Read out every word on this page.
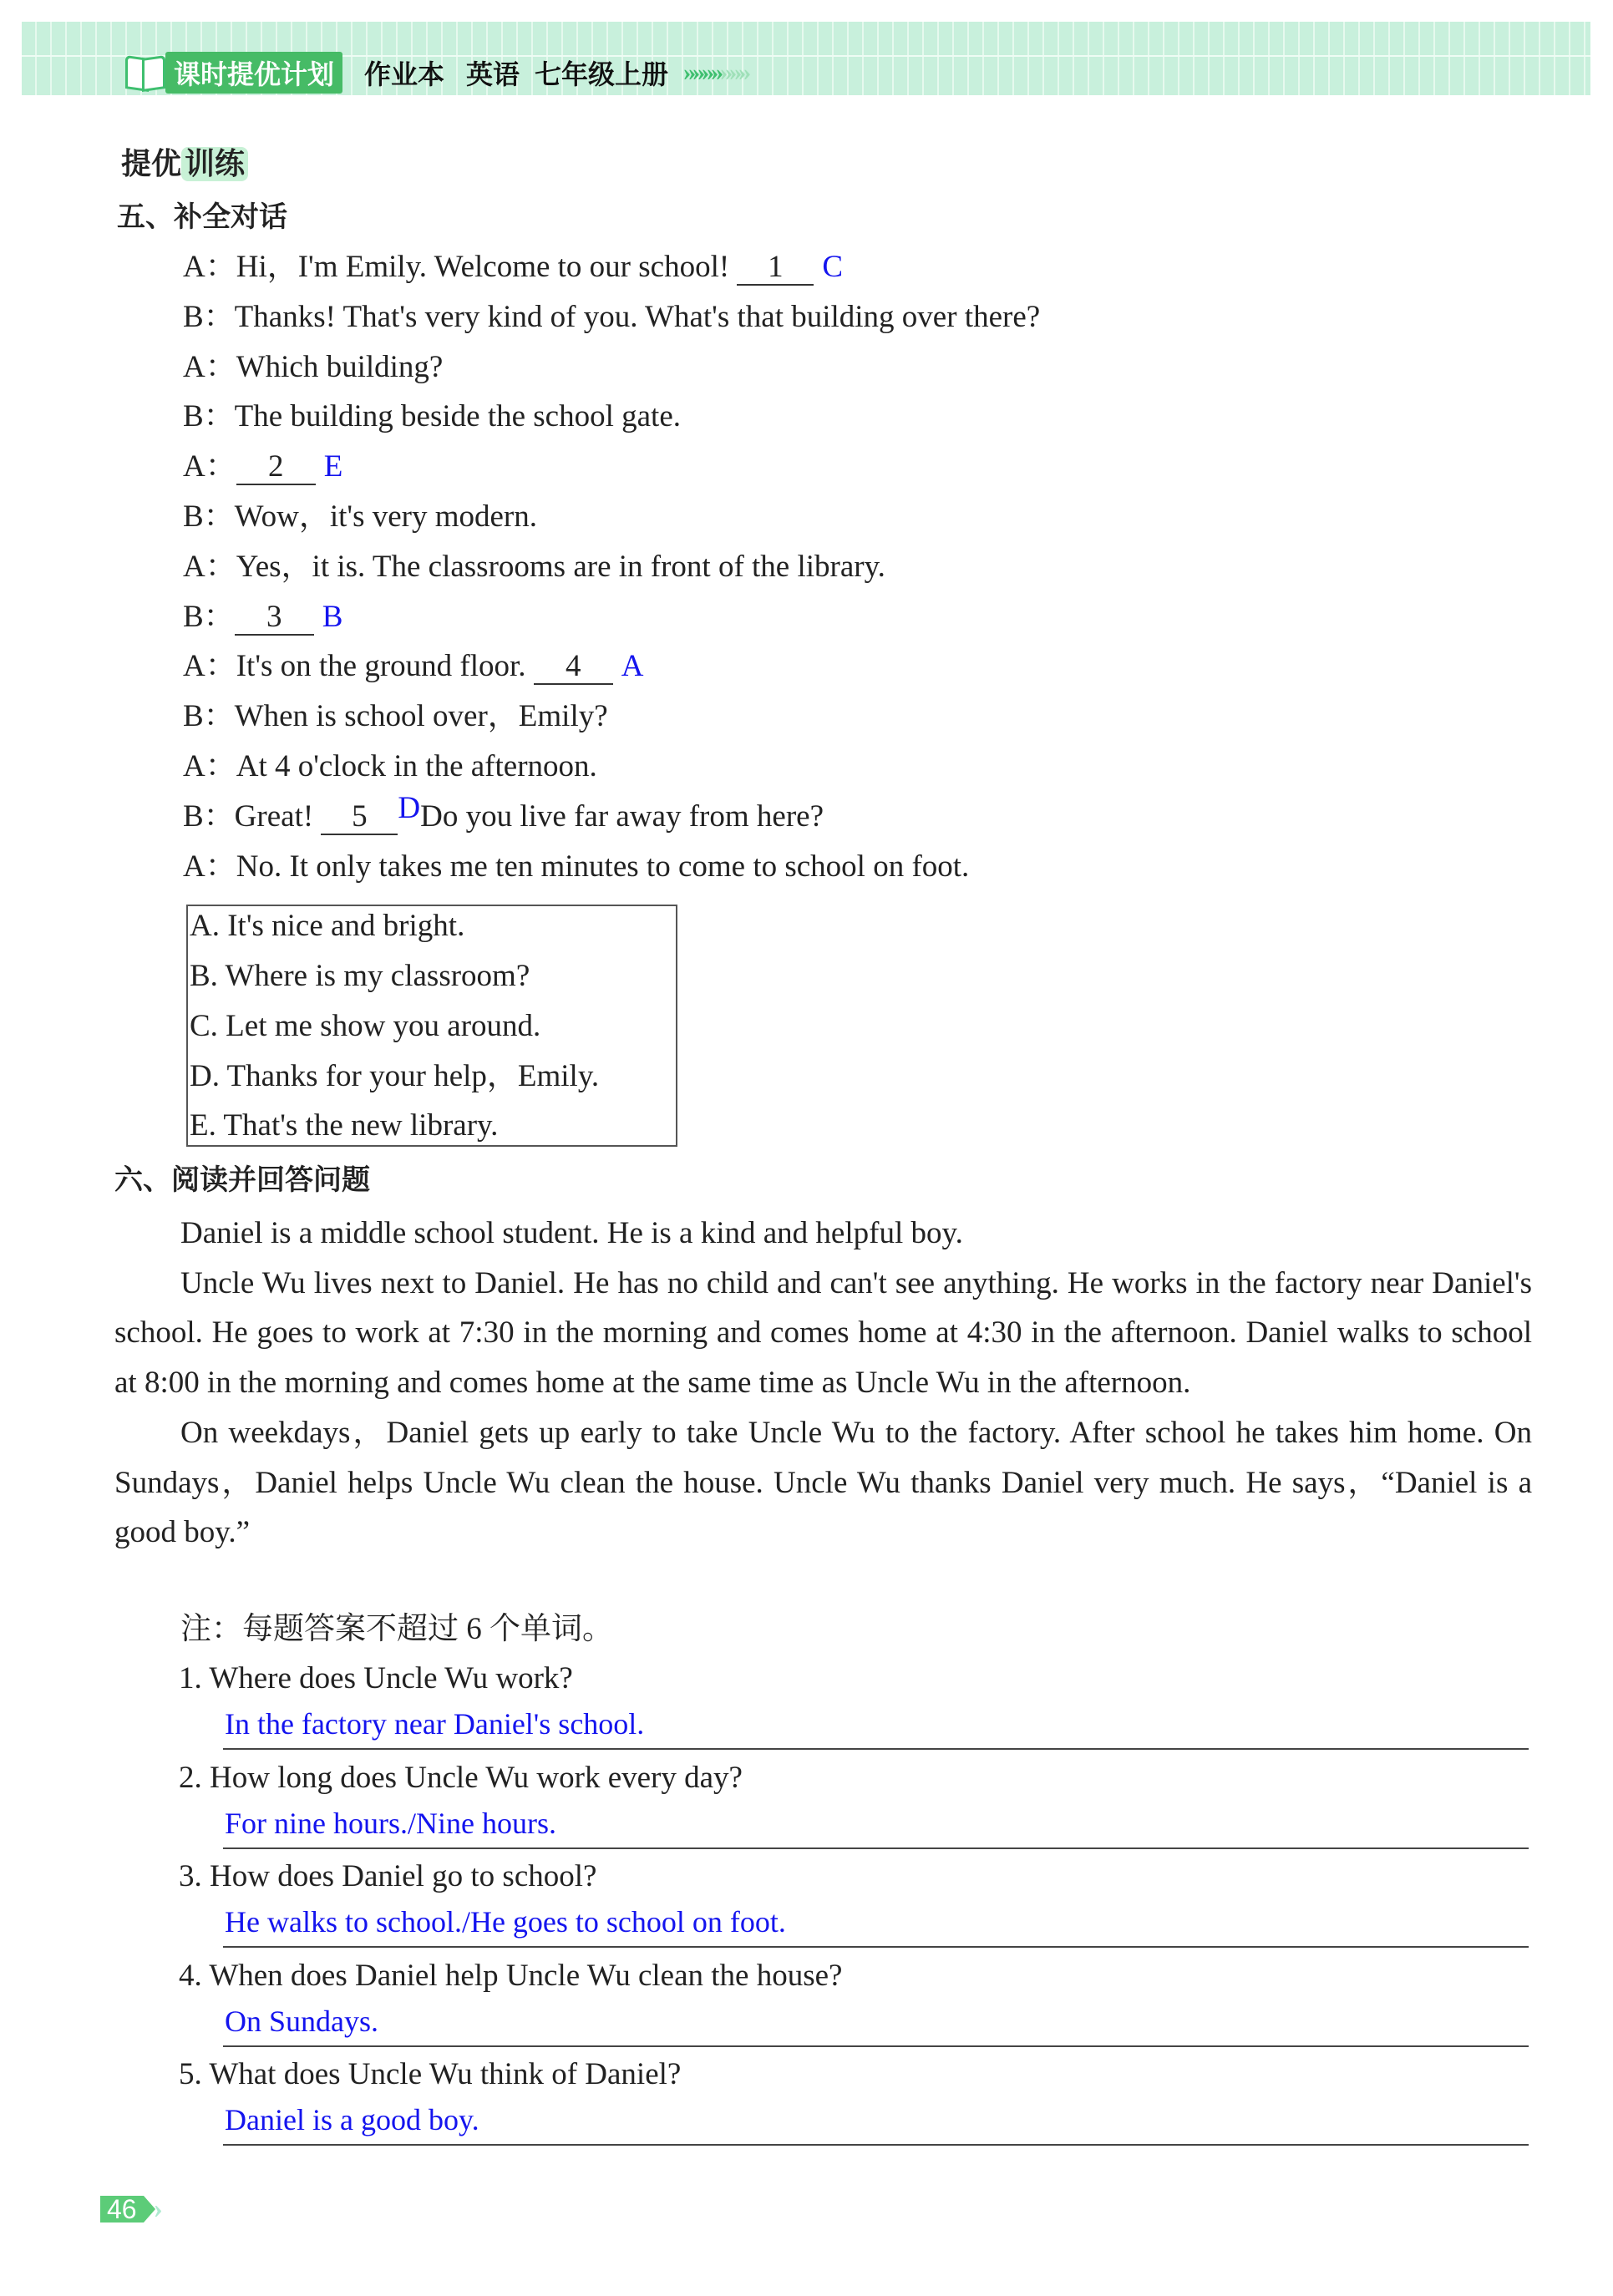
课时提优计划	作业本 英语 七年级上册 »»»»»»»
提优 训练
五、补全对话
A：Hi，I'm Emily. Welcome to our school! 1 C
B：Thanks! That's very kind of you. What's that building over there?
A：Which building?
B：The building beside the school gate.
A： 2 E
B：Wow，it's very modern.
A：Yes，it is. The classrooms are in front of the library.
B： 3 B
A：It's on the ground floor. 4 A
B：When is school over，Emily?
A：At 4 o'clock in the afternoon.
B：Great! 5 DDo you live far away from here?
A：No. It only takes me ten minutes to come to school on foot.
A. It's nice and bright.
B. Where is my classroom?
C. Let me show you around.
D. Thanks for your help，Emily.
E. That's the new library.
六、阅读并回答问题

Daniel is a middle school student. He is a kind and helpful boy.

Uncle Wu lives next to Daniel. He has no child and can't see anything. He works in the factory near Daniel's school. He goes to work at 7:30 in the morning and comes home at 4:30 in the afternoon. Daniel walks to school at 8:00 in the morning and comes home at the same time as Uncle Wu in the afternoon.

On weekdays，Daniel gets up early to take Uncle Wu to the factory. After school he takes him home. On Sundays，Daniel helps Uncle Wu clean the house. Uncle Wu thanks Daniel very much. He says，“Daniel is a good boy.”

注：每题答案不超过 6 个单词。
1. Where does Uncle Wu work?
In the factory near Daniel's school.
2. How long does Uncle Wu work every day?
For nine hours./Nine hours.
3. How does Daniel go to school?
He walks to school./He goes to school on foot.
4. When does Daniel help Uncle Wu clean the house?
On Sundays.
5. What does Uncle Wu think of Daniel?
Daniel is a good boy.
46 ›
